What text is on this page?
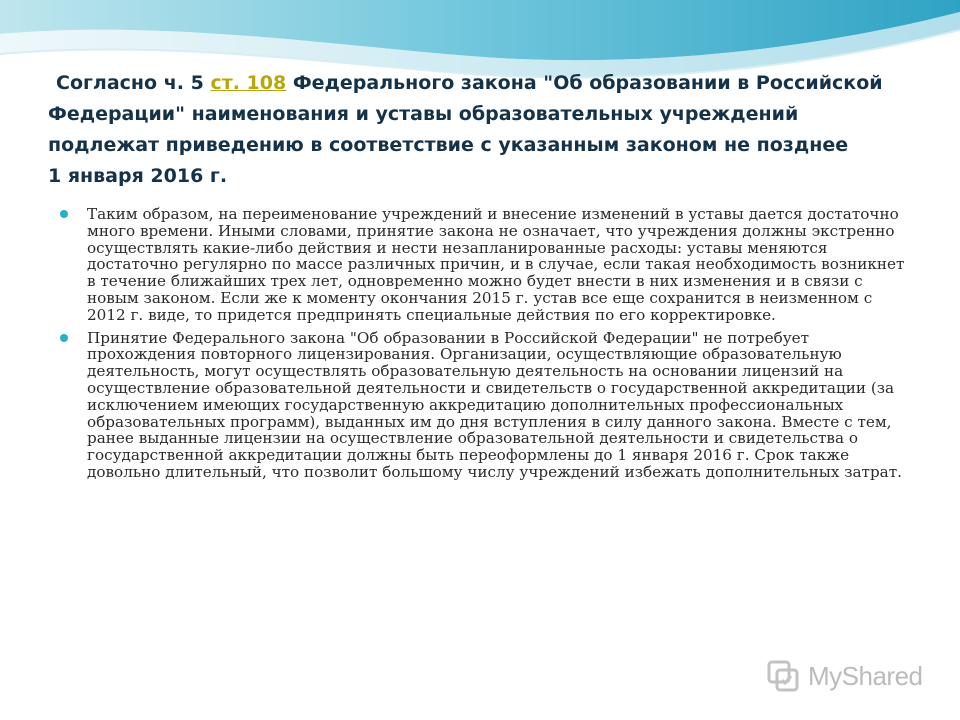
Согласно ч. 5 ст. 108 Федерального закона "Об образовании в Российской
Федерации" наименования и уставы образовательных учреждений
подлежат приведению в соответствие с указанным законом не позднее
1 января 2016 г.
Таким образом, на переименование учреждений и внесение изменений в уставы дается достаточно много времени. Иными словами, принятие закона не означает, что учреждения должны экстренно осуществлять какие-либо действия и нести незапланированные расходы: уставы меняются достаточно регулярно по массе различных причин, и в случае, если такая необходимость возникнет в течение ближайших трех лет, одновременно можно будет внести в них изменения и в связи с новым законом. Если же к моменту окончания 2015 г. устав все еще сохранится в неизменном с 2012 г. виде, то придется предпринять специальные действия по его корректировке.
Принятие Федерального закона "Об образовании в Российской Федерации" не потребует прохождения повторного лицензирования. Организации, осуществляющие образовательную деятельность, могут осуществлять образовательную деятельность на основании лицензий на осуществление образовательной деятельности и свидетельств о государственной аккредитации (за исключением имеющих государственную аккредитацию дополнительных профессиональных образовательных программ), выданных им до дня вступления в силу данного закона. Вместе с тем, ранее выданные лицензии на осуществление образовательной деятельности и свидетельства о государственной аккредитации должны быть переоформлены до 1 января 2016 г. Срок также довольно длительный, что позволит большому числу учреждений избежать дополнительных затрат.
MyShared
